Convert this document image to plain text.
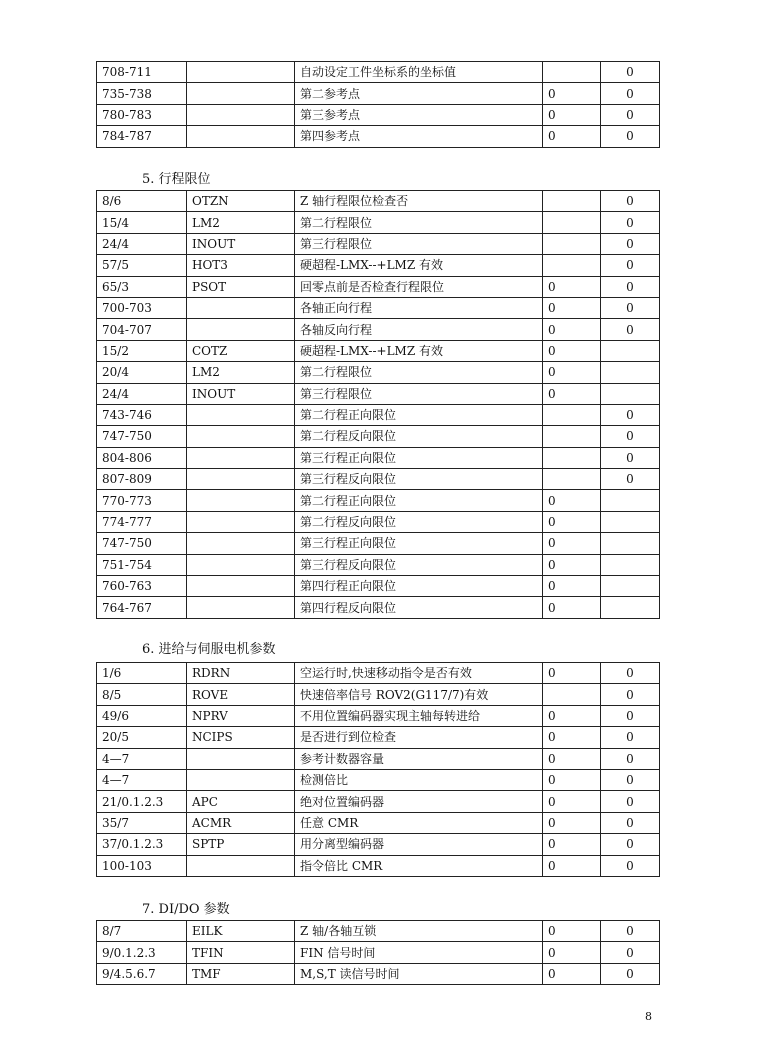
708-711		自动设定工件坐标系的坐标值		0
735-738		第二参考点	0	0
780-783		第三参考点	0	0
784-787		第四参考点	0	0
5. 行程限位
8/6	OTZN	Z 轴行程限位检查否		0
15/4	LM2	第二行程限位		0
24/4	INOUT	第三行程限位		0
57/5	HOT3	硬超程-LMX--+LMZ 有效		0
65/3	PSOT	回零点前是否检查行程限位	0	0
700-703		各轴正向行程	0	0
704-707		各轴反向行程	0	0
15/2	COTZ	硬超程-LMX--+LMZ 有效	0	
20/4	LM2	第二行程限位	0	
24/4	INOUT	第三行程限位	0	
743-746		第二行程正向限位		0
747-750		第二行程反向限位		0
804-806		第三行程正向限位		0
807-809		第三行程反向限位		0
770-773		第二行程正向限位	0	
774-777		第二行程反向限位	0	
747-750		第三行程正向限位	0	
751-754		第三行程反向限位	0	
760-763		第四行程正向限位	0	
764-767		第四行程反向限位	0	
6. 进给与伺服电机参数
1/6	RDRN	空运行时,快速移动指令是否有效	0	0
8/5	ROVE	快速倍率信号 ROV2(G117/7)有效		0
49/6	NPRV	不用位置编码器实现主轴每转进给	0	0
20/5	NCIPS	是否进行到位检查	0	0
4—7		参考计数器容量	0	0
4—7		检测倍比	0	0
21/0.1.2.3	APC	绝对位置编码器	0	0
35/7	ACMR	任意 CMR	0	0
37/0.1.2.3	SPTP	用分离型编码器	0	0
100-103		指令倍比 CMR	0	0
7. DI/DO 参数
8/7	EILK	Z 轴/各轴互锁	0	0
9/0.1.2.3	TFIN	FIN 信号时间	0	0
9/4.5.6.7	TMF	M,S,T 读信号时间	0	0
8
